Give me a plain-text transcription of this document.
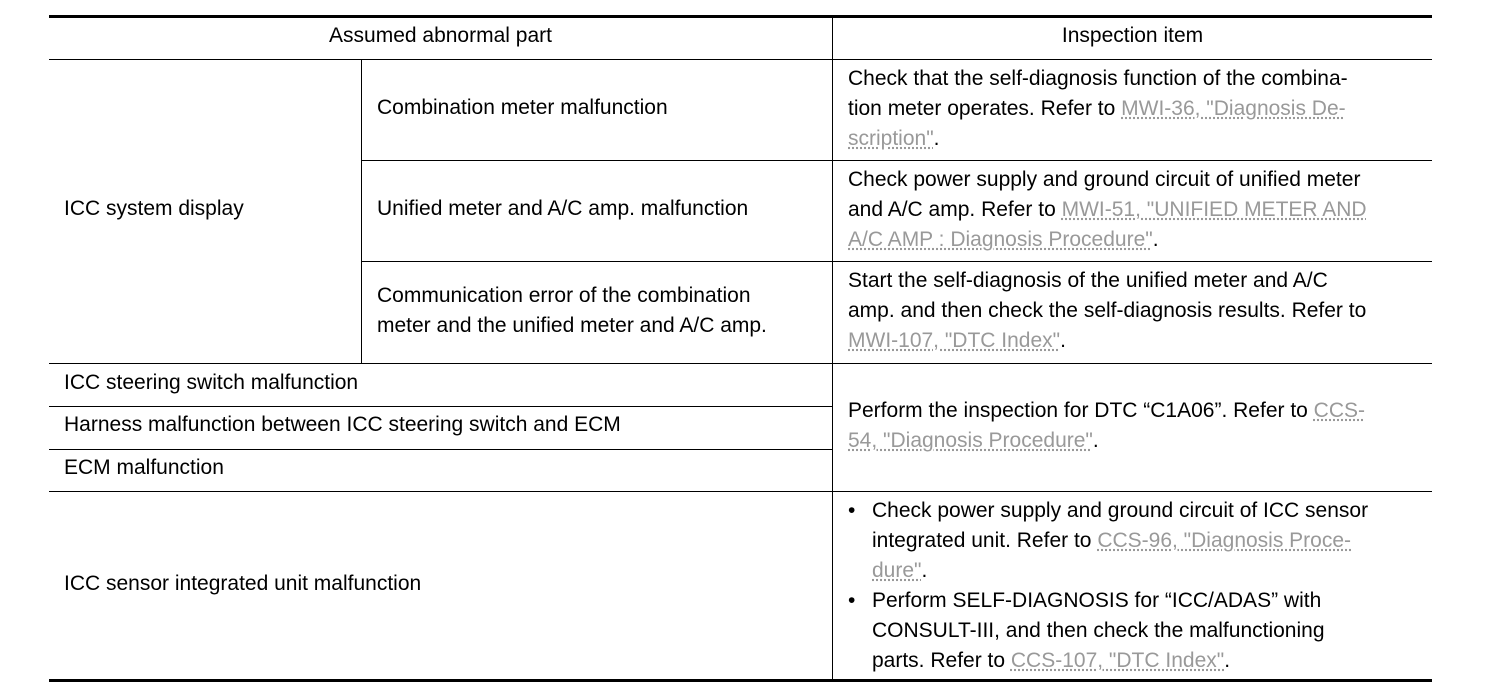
Assumed abnormal part	Inspection item
ICC system display
Combination meter malfunction
Check that the self-diagnosis function of the combina-
tion meter operates. Refer to MWI-36, "Diagnosis De-
scription".
Unified meter and A/C amp. malfunction
Check power supply and ground circuit of unified meter
and A/C amp. Refer to MWI-51, "UNIFIED METER AND
A/C AMP : Diagnosis Procedure".
Communication error of the combination
meter and the unified meter and A/C amp.
Start the self-diagnosis of the unified meter and A/C
amp. and then check the self-diagnosis results. Refer to
MWI-107, "DTC Index".
ICC steering switch malfunction
Harness malfunction between ICC steering switch and ECM
ECM malfunction
Perform the inspection for DTC “C1A06”. Refer to CCS-
54, "Diagnosis Procedure".
ICC sensor integrated unit malfunction
• Check power supply and ground circuit of ICC sensor
integrated unit. Refer to CCS-96, "Diagnosis Proce-
dure".
• Perform SELF-DIAGNOSIS for “ICC/ADAS” with
CONSULT-III, and then check the malfunctioning
parts. Refer to CCS-107, "DTC Index".
